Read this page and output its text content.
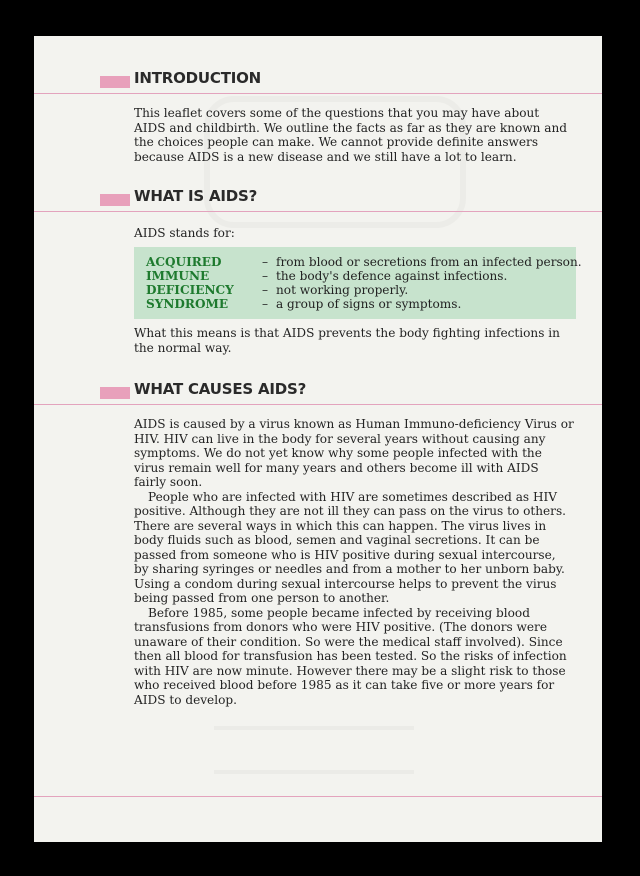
INTRODUCTION

This leaflet covers some of the questions that you may have about AIDS and childbirth. We outline the facts as far as they are known and the choices people can make. We cannot provide definite answers because AIDS is a new disease and we still have a lot to learn.

WHAT IS AIDS?
AIDS stands for:
ACQUIRED	– from blood or secretions from an infected person.
IMMUNE	– the body's defence against infections.
DEFICIENCY – not working properly.
SYNDROME	– a group of signs or symptoms.

What this means is that AIDS prevents the body fighting infections in the normal way.

WHAT CAUSES AIDS?

AIDS is caused by a virus known as Human Immuno-deficiency Virus or HIV. HIV can live in the body for several years without causing any symptoms. We do not yet know why some people infected with the virus remain well for many years and others become ill with AIDS fairly soon.

People who are infected with HIV are sometimes described as HIV positive. Although they are not ill they can pass on the virus to others. There are several ways in which this can happen. The virus lives in body fluids such as blood, semen and vaginal secretions. It can be passed from someone who is HIV positive during sexual intercourse, by sharing syringes or needles and from a mother to her unborn baby. Using a condom during sexual intercourse helps to prevent the virus being passed from one person to another.

Before 1985, some people became infected by receiving blood transfusions from donors who were HIV positive. (The donors were unaware of their condition. So were the medical staff involved). Since then all blood for transfusion has been tested. So the risks of infection with HIV are now minute. However there may be a slight risk to those who received blood before 1985 as it can take five or more years for AIDS to develop.
